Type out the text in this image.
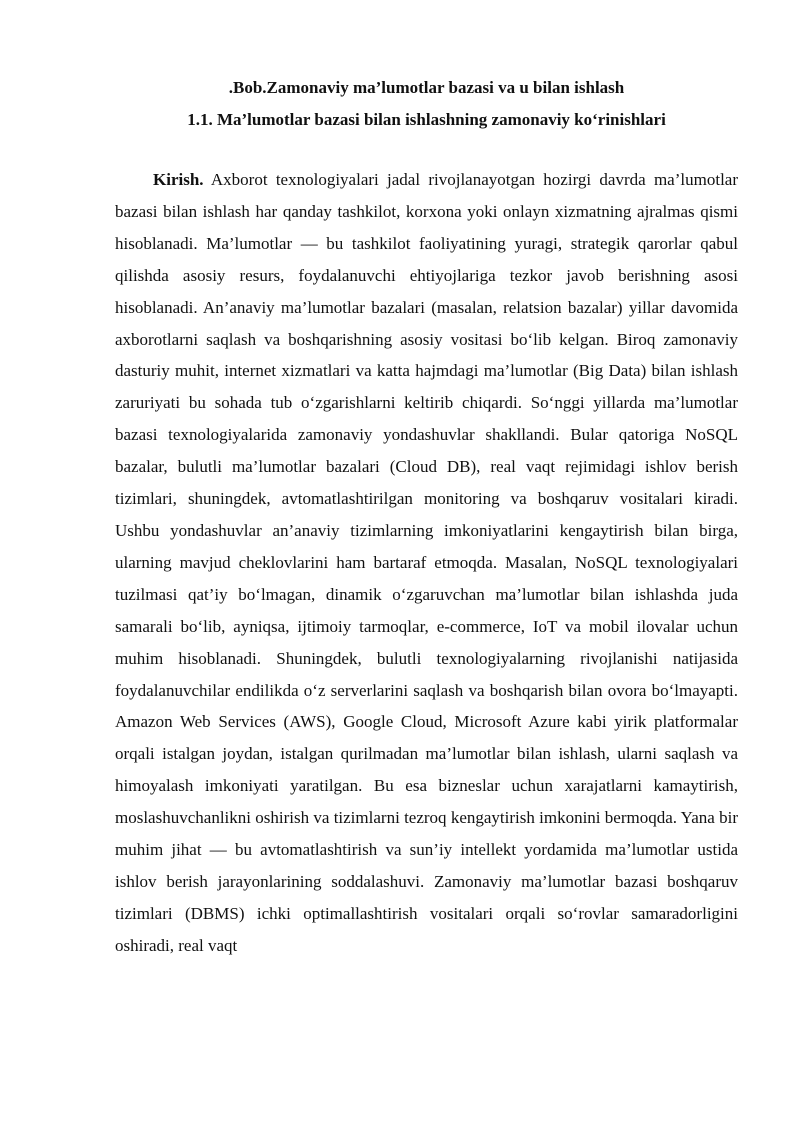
.Bob.Zamonaviy ma’lumotlar bazasi va u bilan ishlash

1.1. Ma’lumotlar bazasi bilan ishlashning zamonaviy ko‘rinishlari

Kirish. Axborot texnologiyalari jadal rivojlanayotgan hozirgi davrda ma’lumotlar bazasi bilan ishlash har qanday tashkilot, korxona yoki onlayn xizmatning ajralmas qismi hisoblanadi. Ma’lumotlar — bu tashkilot faoliyatining yuragi, strategik qarorlar qabul qilishda asosiy resurs, foydalanuvchi ehtiyojlariga tezkor javob berishning asosi hisoblanadi. An’anaviy ma’lumotlar bazalari (masalan, relatsion bazalar) yillar davomida axborotlarni saqlash va boshqarishning asosiy vositasi bo‘lib kelgan. Biroq zamonaviy dasturiy muhit, internet xizmatlari va katta hajmdagi ma’lumotlar (Big Data) bilan ishlash zaruriyati bu sohada tub o‘zgarishlarni keltirib chiqardi. So‘nggi yillarda ma’lumotlar bazasi texnologiyalarida zamonaviy yondashuvlar shakllandi. Bular qatoriga NoSQL bazalar, bulutli ma’lumotlar bazalari (Cloud DB), real vaqt rejimidagi ishlov berish tizimlari, shuningdek, avtomatlashtirilgan monitoring va boshqaruv vositalari kiradi. Ushbu yondashuvlar an’anaviy tizimlarning imkoniyatlarini kengaytirish bilan birga, ularning mavjud cheklovlarini ham bartaraf etmoqda. Masalan, NoSQL texnologiyalari tuzilmasi qat’iy bo‘lmagan, dinamik o‘zgaruvchan ma’lumotlar bilan ishlashda juda samarali bo‘lib, ayniqsa, ijtimoiy tarmoqlar, e-commerce, IoT va mobil ilovalar uchun muhim hisoblanadi. Shuningdek, bulutli texnologiyalarning rivojlanishi natijasida foydalanuvchilar endilikda o‘z serverlarini saqlash va boshqarish bilan ovora bo‘lmayapti. Amazon Web Services (AWS), Google Cloud, Microsoft Azure kabi yirik platformalar orqali istalgan joydan, istalgan qurilmadan ma’lumotlar bilan ishlash, ularni saqlash va himoyalash imkoniyati yaratilgan. Bu esa bizneslar uchun xarajatlarni kamaytirish, moslashuvchanlikni oshirish va tizimlarni tezroq kengaytirish imkonini bermoqda. Yana bir muhim jihat — bu avtomatlashtirish va sun’iy intellekt yordamida ma’lumotlar ustida ishlov berish jarayonlarining soddalashuvi. Zamonaviy ma’lumotlar bazasi boshqaruv tizimlari (DBMS) ichki optimallashtirish vositalari orqali so‘rovlar samaradorligini oshiradi, real vaqt
